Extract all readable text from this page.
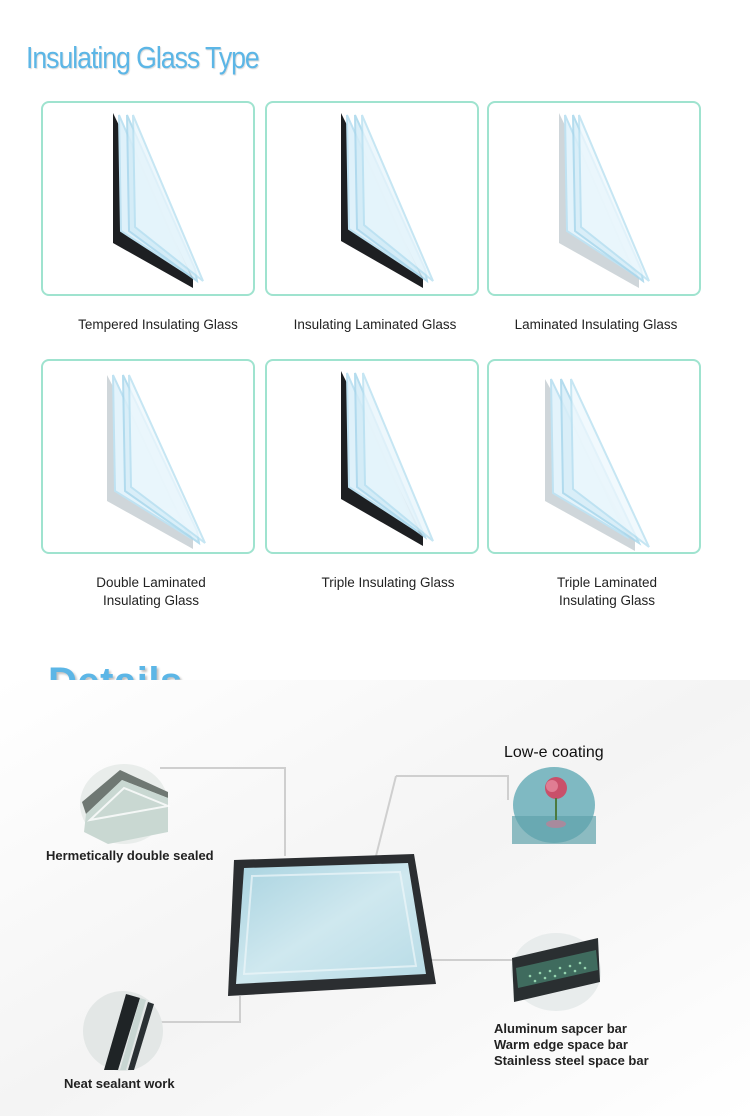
Insulating Glass Type
Tempered Insulating Glass	Insulating Laminated Glass	Laminated Insulating Glass
Double Laminated
Insulating Glass
Triple Insulating Glass	Triple Laminated
Insulating Glass
Hermetically double sealed
Low-e coating
Aluminum sapcer bar
Warm edge space bar
Stainless steel space bar
Neat sealant work
